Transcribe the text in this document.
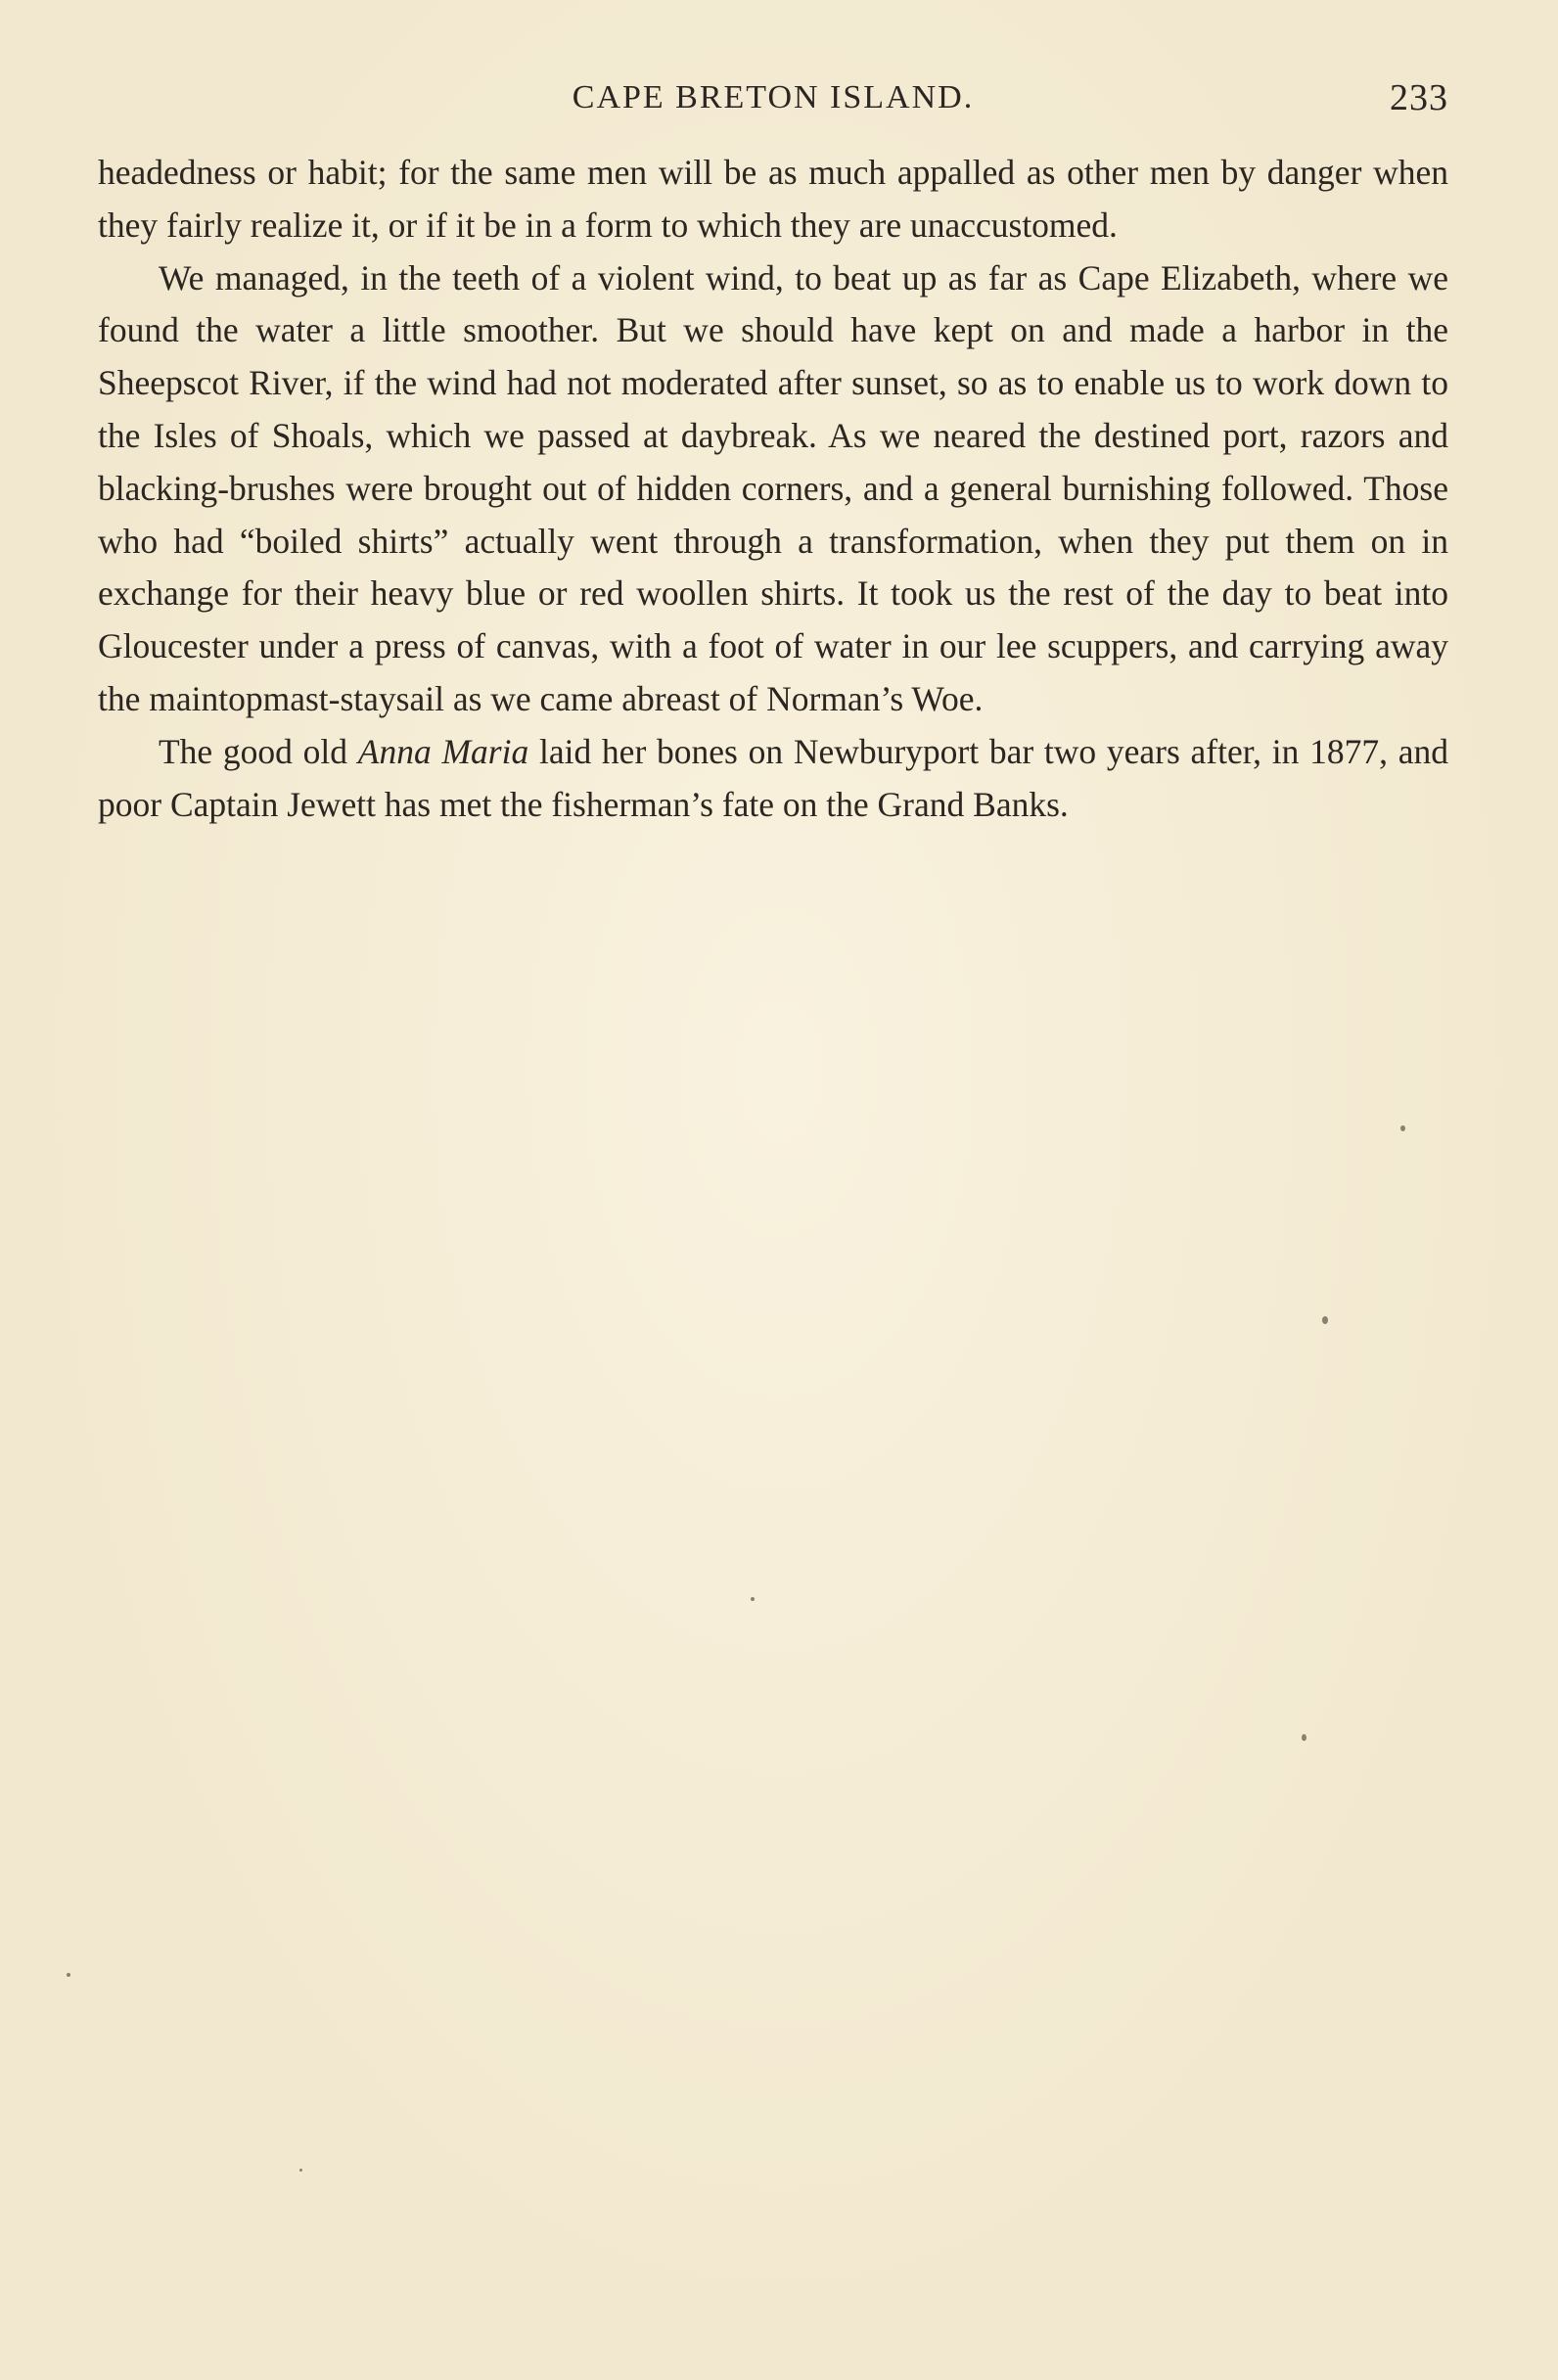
CAPE BRETON ISLAND.	233

headedness or habit; for the same men will be as much appalled as other men by danger when they fairly realize it, or if it be in a form to which they are unaccustomed.

We managed, in the teeth of a violent wind, to beat up as far as Cape Elizabeth, where we found the water a little smoother. But we should have kept on and made a harbor in the Sheepscot River, if the wind had not moderated after sunset, so as to enable us to work down to the Isles of Shoals, which we passed at daybreak. As we neared the destined port, razors and blacking-brushes were brought out of hidden corners, and a general burnishing followed. Those who had “boiled shirts” actually went through a transformation, when they put them on in exchange for their heavy blue or red woollen shirts. It took us the rest of the day to beat into Gloucester under a press of canvas, with a foot of water in our lee scuppers, and carrying away the maintopmast-staysail as we came abreast of Norman’s Woe.

The good old Anna Maria laid her bones on Newburyport bar two years after, in 1877, and poor Captain Jewett has met the fisherman’s fate on the Grand Banks.
